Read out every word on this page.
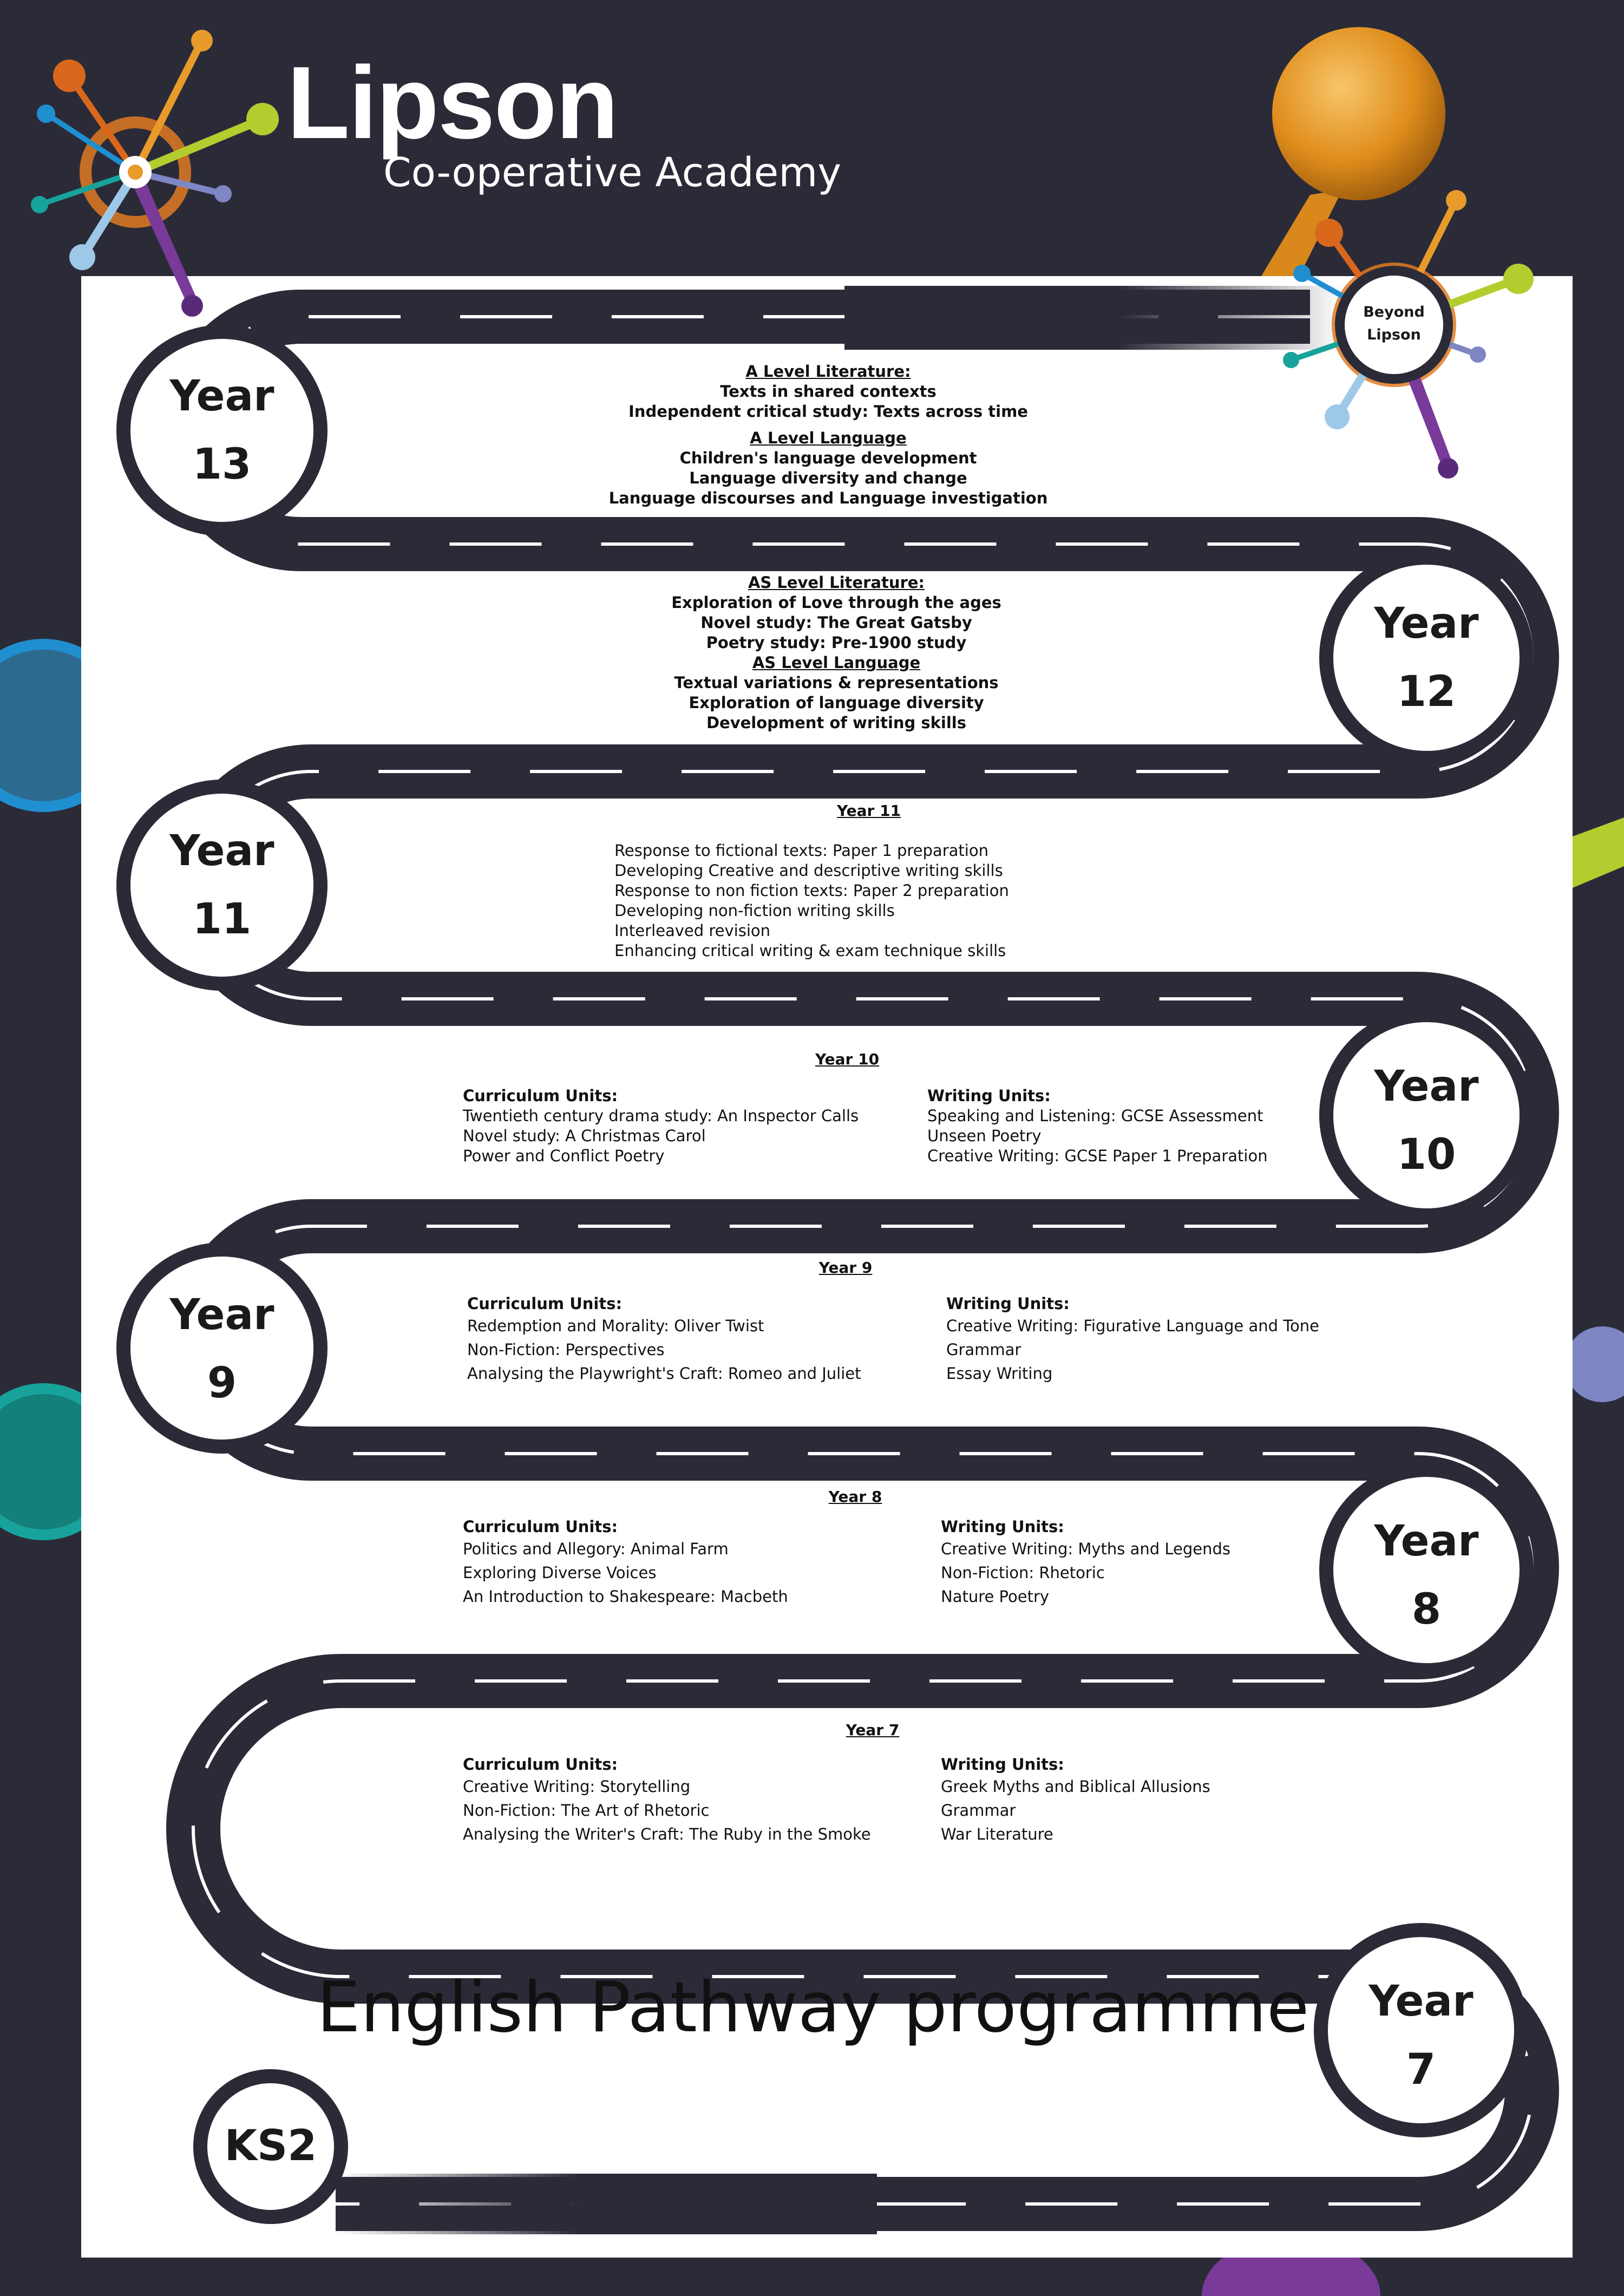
Lipson
Co-operative Academy
Beyond
Lipson
Year
13
Year
12
Year
11
Year
10
Year
9
Year
8
Year
7
KS2
A Level Literature:
Texts in shared contexts
Independent critical study: Texts across time
A Level Language
Children's language development
Language diversity and change
Language discourses and Language investigation
AS Level Literature:
Exploration of Love through the ages
Novel study: The Great Gatsby
Poetry study: Pre-1900 study
AS Level Language
Textual variations & representations
Exploration of language diversity
Development of writing skills
Year 11
Response to fictional texts: Paper 1 preparation
Developing Creative and descriptive writing skills
Response to non fiction texts: Paper 2 preparation
Developing non-fiction writing skills
Interleaved revision
Enhancing critical writing & exam technique skills
Year 10
Curriculum Units:
Twentieth century drama study: An Inspector Calls
Novel study: A Christmas Carol
Power and Conflict Poetry
Writing Units:
Speaking and Listening: GCSE Assessment
Unseen Poetry
Creative Writing: GCSE Paper 1 Preparation
Year 9
Curriculum Units:
Redemption and Morality: Oliver Twist
Non-Fiction: Perspectives
Analysing the Playwright's Craft: Romeo and Juliet
Writing Units:
Creative Writing: Figurative Language and Tone
Grammar
Essay Writing
Year 8
Curriculum Units:
Politics and Allegory: Animal Farm
Exploring Diverse Voices
An Introduction to Shakespeare: Macbeth
Writing Units:
Creative Writing: Myths and Legends
Non-Fiction: Rhetoric
Nature Poetry
Year 7
Curriculum Units:
Creative Writing: Storytelling
Non-Fiction: The Art of Rhetoric
Analysing the Writer's Craft: The Ruby in the Smoke
Writing Units:
Greek Myths and Biblical Allusions
Grammar
War Literature
English Pathway programme
